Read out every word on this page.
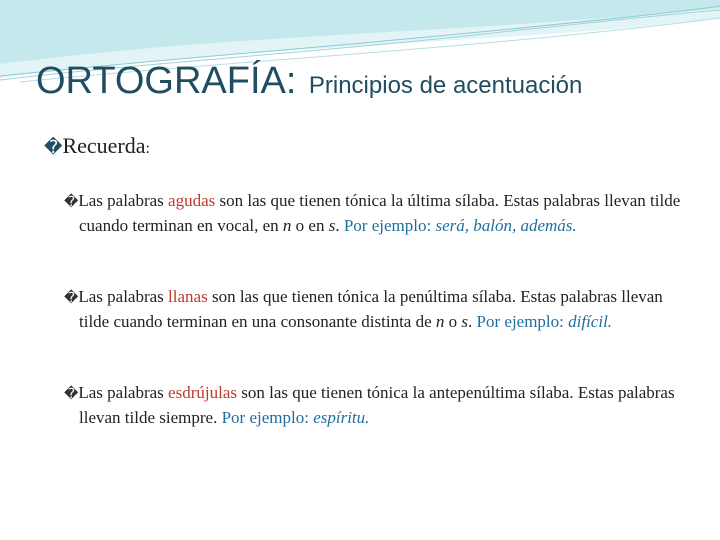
ORTOGRAFÍA: Principios de acentuación
�Recuerda:
�Las palabras agudas son las que tienen tónica la última sílaba. Estas palabras llevan tilde cuando terminan en vocal, en n o en s. Por ejemplo: será, balón, además.
�Las palabras llanas son las que tienen tónica la penúltima sílaba. Estas palabras llevan tilde cuando terminan en una consonante distinta de n o s. Por ejemplo: difícil.
�Las palabras esdrújulas son las que tienen tónica la antepenúltima sílaba. Estas palabras llevan tilde siempre. Por ejemplo: espíritu.
